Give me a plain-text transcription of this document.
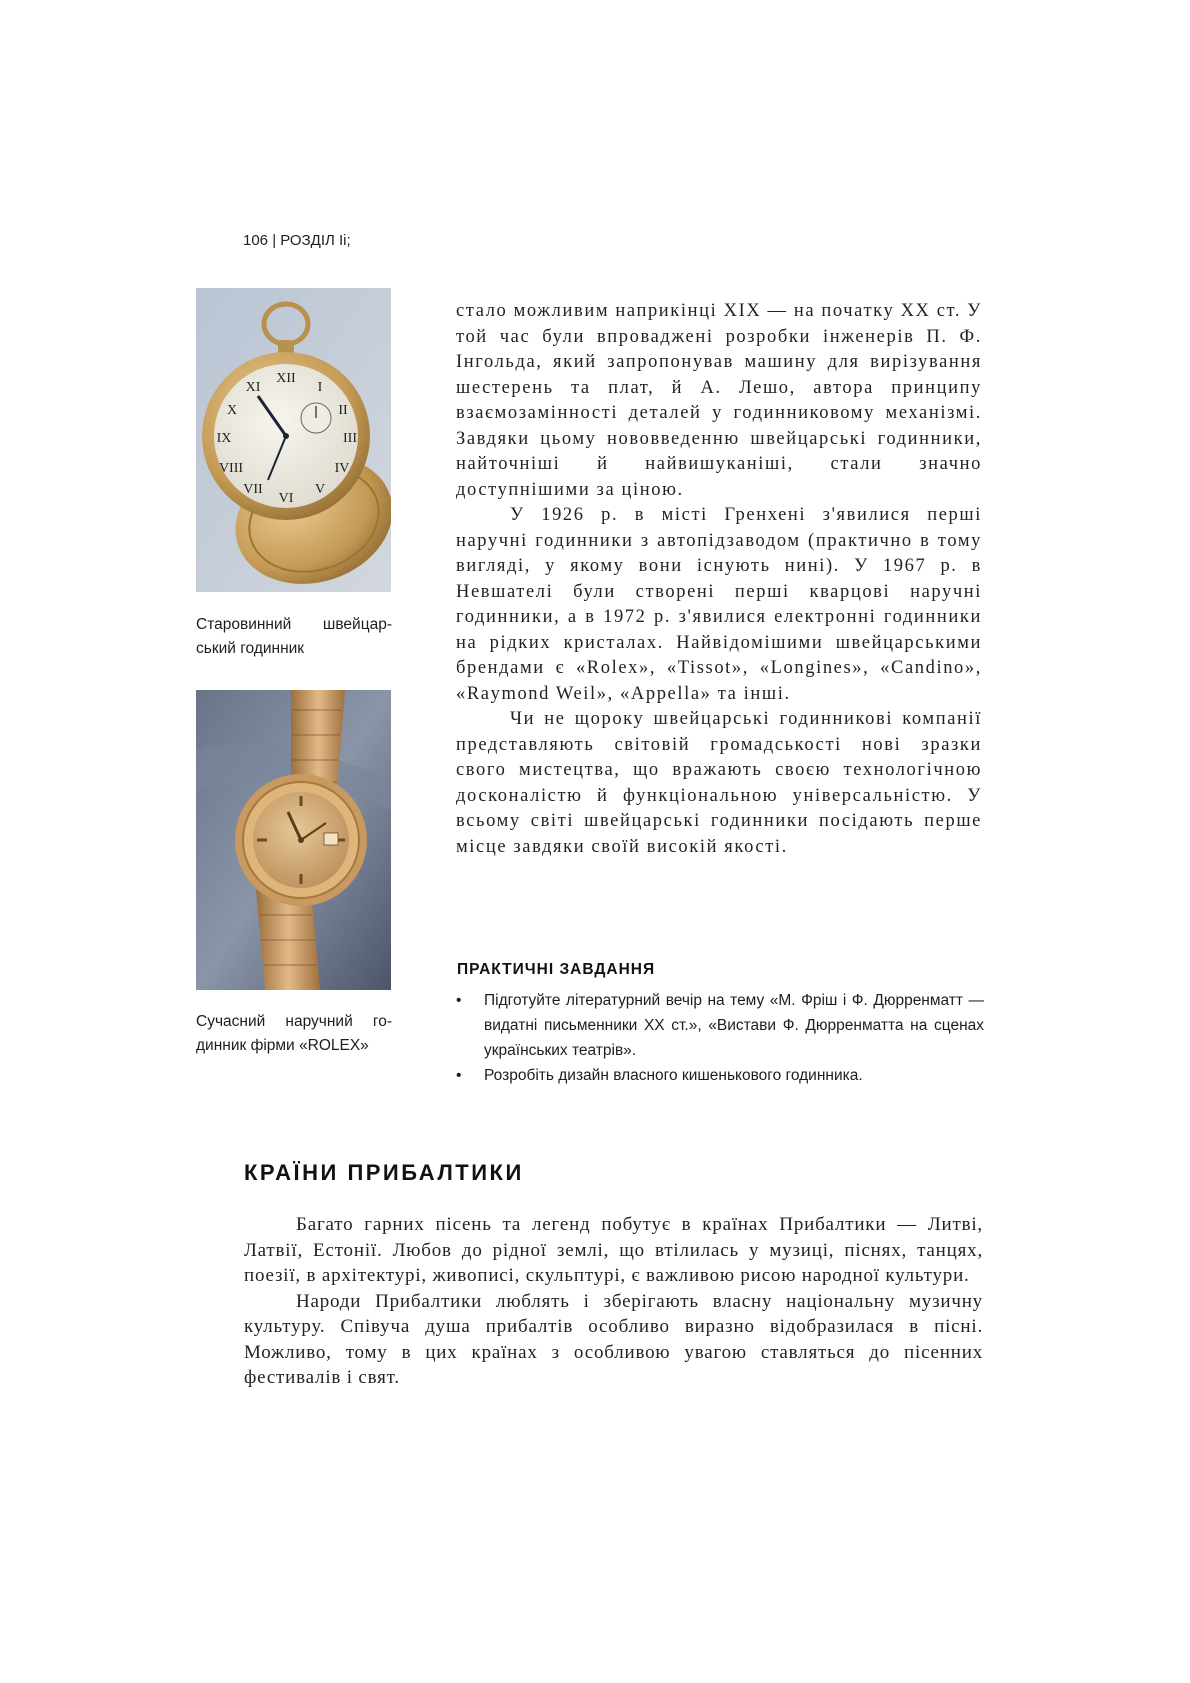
106 | РОЗДІЛ Ii;
XII
I
II
III
IV
V
VI
VII
VIII
IX
X
XI
Старовинний швейцарський годинник
Сучасний наручний годинник фірми «ROLEX»

стало можливим наприкінці XIX — на початку XX ст. У той час були впроваджені розробки інженерів П. Ф. Інгольда, який запропонував машину для вирізування шестерень та плат, й А. Лешо, автора принципу взаємозамінності деталей у годинниковому механізмі. Завдяки цьому нововведенню швейцарські годинники, найточніші й найвишуканіші, стали значно доступнішими за ціною.

У 1926 р. в місті Гренхені з'явилися перші наручні годинники з автопідзаводом (практично в тому вигляді, у якому вони існують нині). У 1967 р. в Невшателі були створені перші кварцові наручні годинники, а в 1972 р. з'явилися електронні годинники на рідких кристалах. Найвідомішими швейцарськими брендами є «Rolex», «Tissot», «Longines», «Candino», «Raymond Weil», «Appella» та інші.

Чи не щороку швейцарські годинникові компанії представляють світовій громадськості нові зразки свого мистецтва, що вражають своєю технологічною досконалістю й функціональною універсальністю. У всьому світі швейцарські годинники посідають перше місце завдяки своїй високій якості.

ПРАКТИЧНІ ЗАВДАННЯ
• Підготуйте літературний вечір на тему «М. Фріш і Ф. Дюрренматт — видатні письменники XX ст.», «Вистави Ф. Дюрренматта на сценах українських театрів».
• Розробіть дизайн власного кишенькового годинника.
КРАЇНИ ПРИБАЛТИКИ

Багато гарних пісень та легенд побутує в країнах Прибалтики — Литві, Латвії, Естонії. Любов до рідної землі, що втілилась у музиці, піснях, танцях, поезії, в архітектурі, живописі, скульптурі, є важливою рисою народної культури.

Народи Прибалтики люблять і зберігають власну національну музичну культуру. Співуча душа прибалтів особливо виразно відобразилася в пісні. Можливо, тому в цих країнах з особливою увагою ставляться до пісенних фестивалів і свят.
